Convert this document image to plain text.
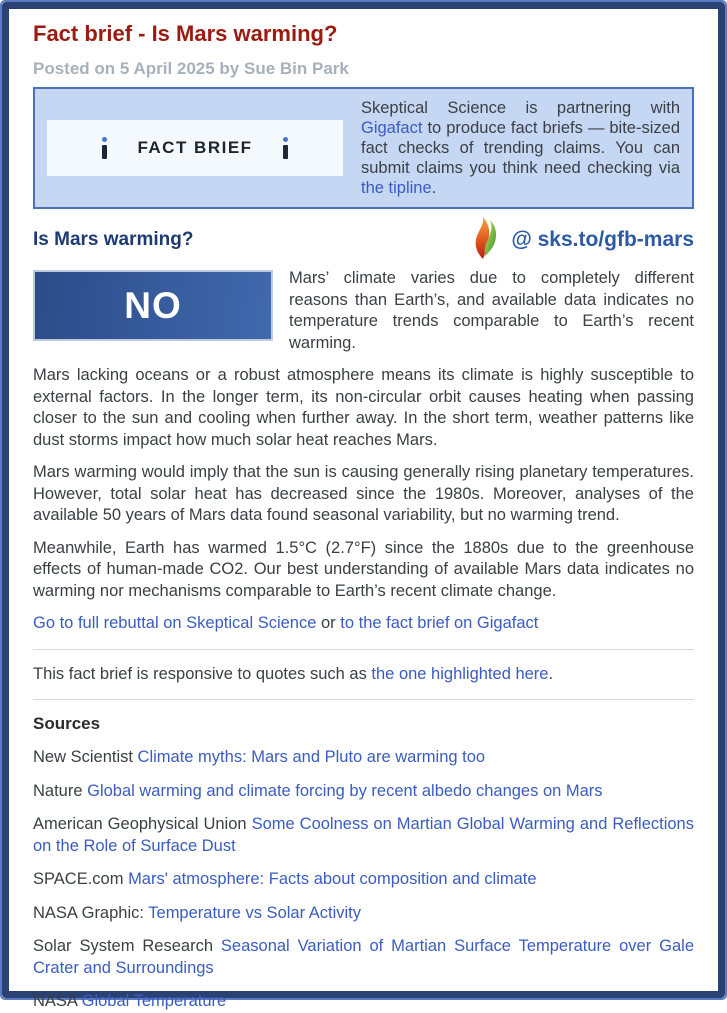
Fact brief - Is Mars warming?
Posted on 5 April 2025 by Sue Bin Park
FACT BRIEF
Skeptical Science is partnering with Gigafact to produce fact briefs — bite-sized fact checks of trending claims. You can submit claims you think need checking via the tipline.
Is Mars warming?	@ sks.to/gfb-mars
NO

Mars’ climate varies due to completely different reasons than Earth’s, and available data indicates no temperature trends comparable to Earth’s recent warming.

Mars lacking oceans or a robust atmosphere means its climate is highly susceptible to external factors. In the longer term, its non-circular orbit causes heating when passing closer to the sun and cooling when further away. In the short term, weather patterns like dust storms impact how much solar heat reaches Mars.

Mars warming would imply that the sun is causing generally rising planetary temperatures. However, total solar heat has decreased since the 1980s. Moreover, analyses of the available 50 years of Mars data found seasonal variability, but no warming trend.

Meanwhile, Earth has warmed 1.5°C (2.7°F) since the 1880s due to the greenhouse effects of human-made CO2. Our best understanding of available Mars data indicates no warming nor mechanisms comparable to Earth’s recent climate change.

Go to full rebuttal on Skeptical Science or to the fact brief on Gigafact

This fact brief is responsive to quotes such as the one highlighted here.

Sources

New Scientist Climate myths: Mars and Pluto are warming too

Nature Global warming and climate forcing by recent albedo changes on Mars

American Geophysical Union Some Coolness on Martian Global Warming and Reflections on the Role of Surface Dust

SPACE.com Mars' atmosphere: Facts about composition and climate

NASA Graphic: Temperature vs Solar Activity

Solar System Research Seasonal Variation of Martian Surface Temperature over Gale Crater and Surroundings

NASA Global Temperature
